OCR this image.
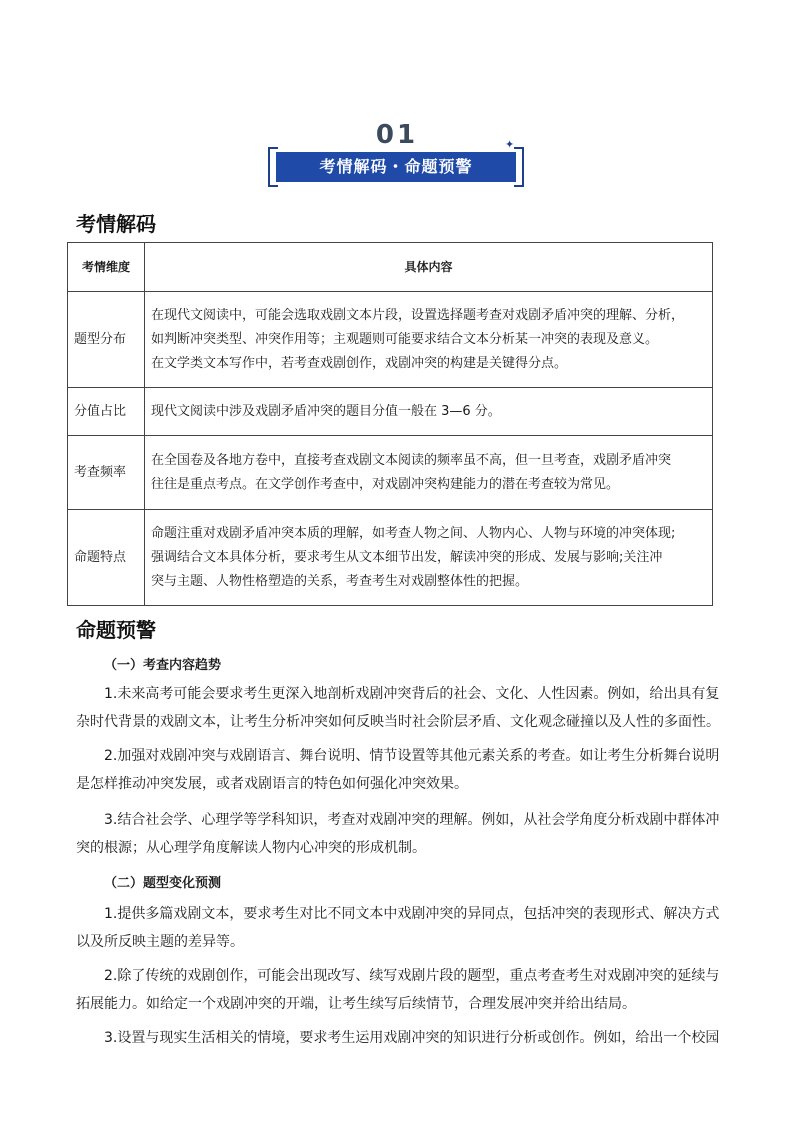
01	✦
考情解码・命题预警
考情解码
考情维度	具体内容
题型分布	在现代文阅读中，可能会选取戏剧文本片段，设置选择题考查对戏剧矛盾冲突的理解、分析，
如判断冲突类型、冲突作用等；主观题则可能要求结合文本分析某一冲突的表现及意义。
在文学类文本写作中，若考查戏剧创作，戏剧冲突的构建是关键得分点。

分值占比	现代文阅读中涉及戏剧矛盾冲突的题目分值一般在 3—6 分。

考查频率	在全国卷及各地方卷中，直接考查戏剧文本阅读的频率虽不高，但一旦考查，戏剧矛盾冲突
往往是重点考点。在文学创作考查中，对戏剧冲突构建能力的潜在考查较为常见。

命题特点	命题注重对戏剧矛盾冲突本质的理解，如考查人物之间、人物内心、人物与环境的冲突体现;
强调结合文本具体分析，要求考生从文本细节出发，解读冲突的形成、发展与影响;关注冲
突与主题、人物性格塑造的关系，考查考生对戏剧整体性的把握。
命题预警
（一）考查内容趋势
1.未来高考可能会要求考生更深入地剖析戏剧冲突背后的社会、文化、人性因素。例如，给出具有复
杂时代背景的戏剧文本，让考生分析冲突如何反映当时社会阶层矛盾、文化观念碰撞以及人性的多面性。
2.加强对戏剧冲突与戏剧语言、舞台说明、情节设置等其他元素关系的考查。如让考生分析舞台说明
是怎样推动冲突发展，或者戏剧语言的特色如何强化冲突效果。
3.结合社会学、心理学等学科知识，考查对戏剧冲突的理解。例如，从社会学角度分析戏剧中群体冲
突的根源；从心理学角度解读人物内心冲突的形成机制。
（二）题型变化预测
1.提供多篇戏剧文本，要求考生对比不同文本中戏剧冲突的异同点，包括冲突的表现形式、解决方式
以及所反映主题的差异等。
2.除了传统的戏剧创作，可能会出现改写、续写戏剧片段的题型，重点考查考生对戏剧冲突的延续与
拓展能力。如给定一个戏剧冲突的开端，让考生续写后续情节，合理发展冲突并给出结局。
3.设置与现实生活相关的情境，要求考生运用戏剧冲突的知识进行分析或创作。例如，给出一个校园
